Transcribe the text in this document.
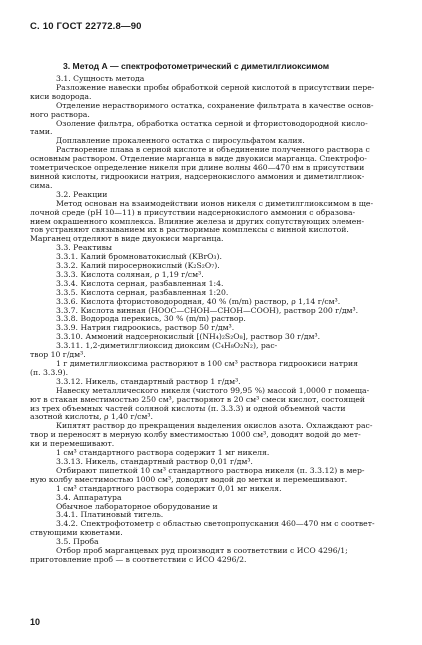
С. 10 ГОСТ 22772.8—90
3. Метод А — спектрофотометрический с диметилглиоксимом
3.1. Сущность метода
Разложение навески пробы обработкой серной кислотой в присутствии пере-
киси водорода.
Отделение нерастворимого остатка, сохранение фильтрата в качестве основ-
ного раствора.
Озоление фильтра, обработка остатка серной и фтористоводородной кисло-
тами.
Доплавление прокаленного остатка с пиросульфатом калия.
Растворение плава в серной кислоте и объединение полученного раствора с
основным раствором. Отделение марганца в виде двуокиси марганца. Спектрофо-
тометрическое определение никеля при длине волны 460—470 нм в присутствии
винной кислоты, гидроокиси натрия, надсернокислого аммония и диметилглиок-
сима.
3.2. Реакции
Метод основан на взаимодействии ионов никеля с диметилглиоксимом в ще-
лочной среде (рН 10—11) в присутствии надсернокислого аммония с образова-
нием окрашенного комплекса. Влияние железа и других сопутствующих элемен-
тов устраняют связыванием их в растворимые комплексы с винной кислотой.
Марганец отделяют в виде двуокиси марганца.
3.3. Реактивы
3.3.1. Калий бромноватокислый (KBrO₃).
3.3.2. Калий пиросернокислый (K₂S₂O₇).
3.3.3. Кислота соляная, ρ 1,19 г/см³.
3.3.4. Кислота серная, разбавленная 1:4.
3.3.5. Кислота серная, разбавленная 1:20.
3.3.6. Кислота фтористоводородная, 40 % (m/m) раствор, ρ 1,14 г/см³.
3.3.7. Кислота винная (HOOC—CHOH—CHOH—COOH), раствор 200 г/дм³.
3.3.8. Водорода перекись, 30 % (m/m) раствор.
3.3.9. Натрия гидроокись, раствор 50 г/дм³.
3.3.10. Аммоний надсернокислый [(NH₄)₂S₂O₈], раствор 30 г/дм³.
3.3.11. 1,2-диметилглиоксид диоксим (C₄H₈O₂N₂), рас-
твор 10 г/дм³.
1 г диметилглиоксима растворяют в 100 см³ раствора гидроокиси натрия
(п. 3.3.9).
3.3.12. Никель, стандартный раствор 1 г/дм³.
Навеску металлического никеля (чистого 99,95 %) массой 1,0000 г помеща-
ют в стакан вместимостью 250 см³, растворяют в 20 см³ смеси кислот, состоящей
из трех объемных частей соляной кислоты (п. 3.3.3) и одной объемной части
азотной кислоты, ρ 1,40 г/см³.
Кипятят раствор до прекращения выделения окислов азота. Охлаждают рас-
твор и переносят в мерную колбу вместимостью 1000 см³, доводят водой до мет-
ки и перемешивают.
1 см³ стандартного раствора содержит 1 мг никеля.
3.3.13. Никель, стандартный раствор 0,01 г/дм³.
Отбирают пипеткой 10 см³ стандартного раствора никеля (п. 3.3.12) в мер-
ную колбу вместимостью 1000 см³, доводят водой до метки и перемешивают.
1 см³ стандартного раствора содержит 0,01 мг никеля.
3.4. Аппаратура
Обычное лабораторное оборудование и
3.4.1. Платиновый тигель.
3.4.2. Спектрофотометр с областью светопропускания 460—470 нм с соответ-
ствующими кюветами.
3.5. Проба
Отбор проб марганцевых руд производят в соответствии с ИСО 4296/1;
приготовление проб — в соответствии с ИСО 4296/2.
10
